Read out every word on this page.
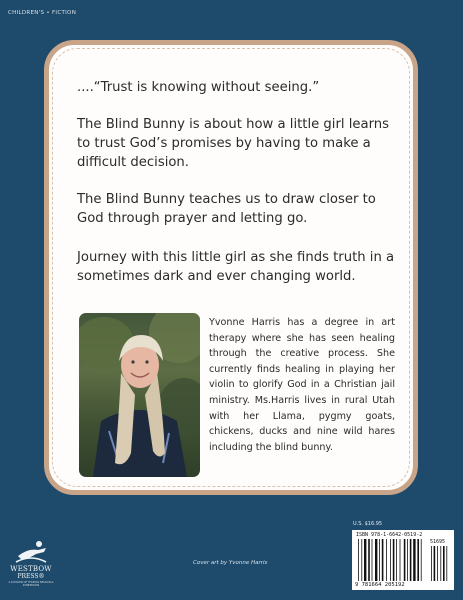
CHILDREN'S • FICTION

....“Trust is knowing without seeing.”

The Blind Bunny is about how a little girl learns to trust God’s promises by having to make a difficult decision.

The Blind Bunny teaches us to draw closer to God through prayer and letting go.

Journey with this little girl as she finds truth in a sometimes dark and ever changing world.

Yvonne Harris has a degree in art therapy where she has seen healing through the creative process. She currently finds healing in playing her violin to glorify God in a Christian jail ministry. Ms.Harris lives in rural Utah with her Llama, pygmy goats, chickens, ducks and nine wild hares including the blind bunny.

WESTBOW
PRESS®
A DIVISION OF THOMAS NELSON & ZONDERVAN
Cover art by Yvonne Harris
U.S. $16.95
ISBN 978-1-6642-0519-2
51695
9 781664 205192
